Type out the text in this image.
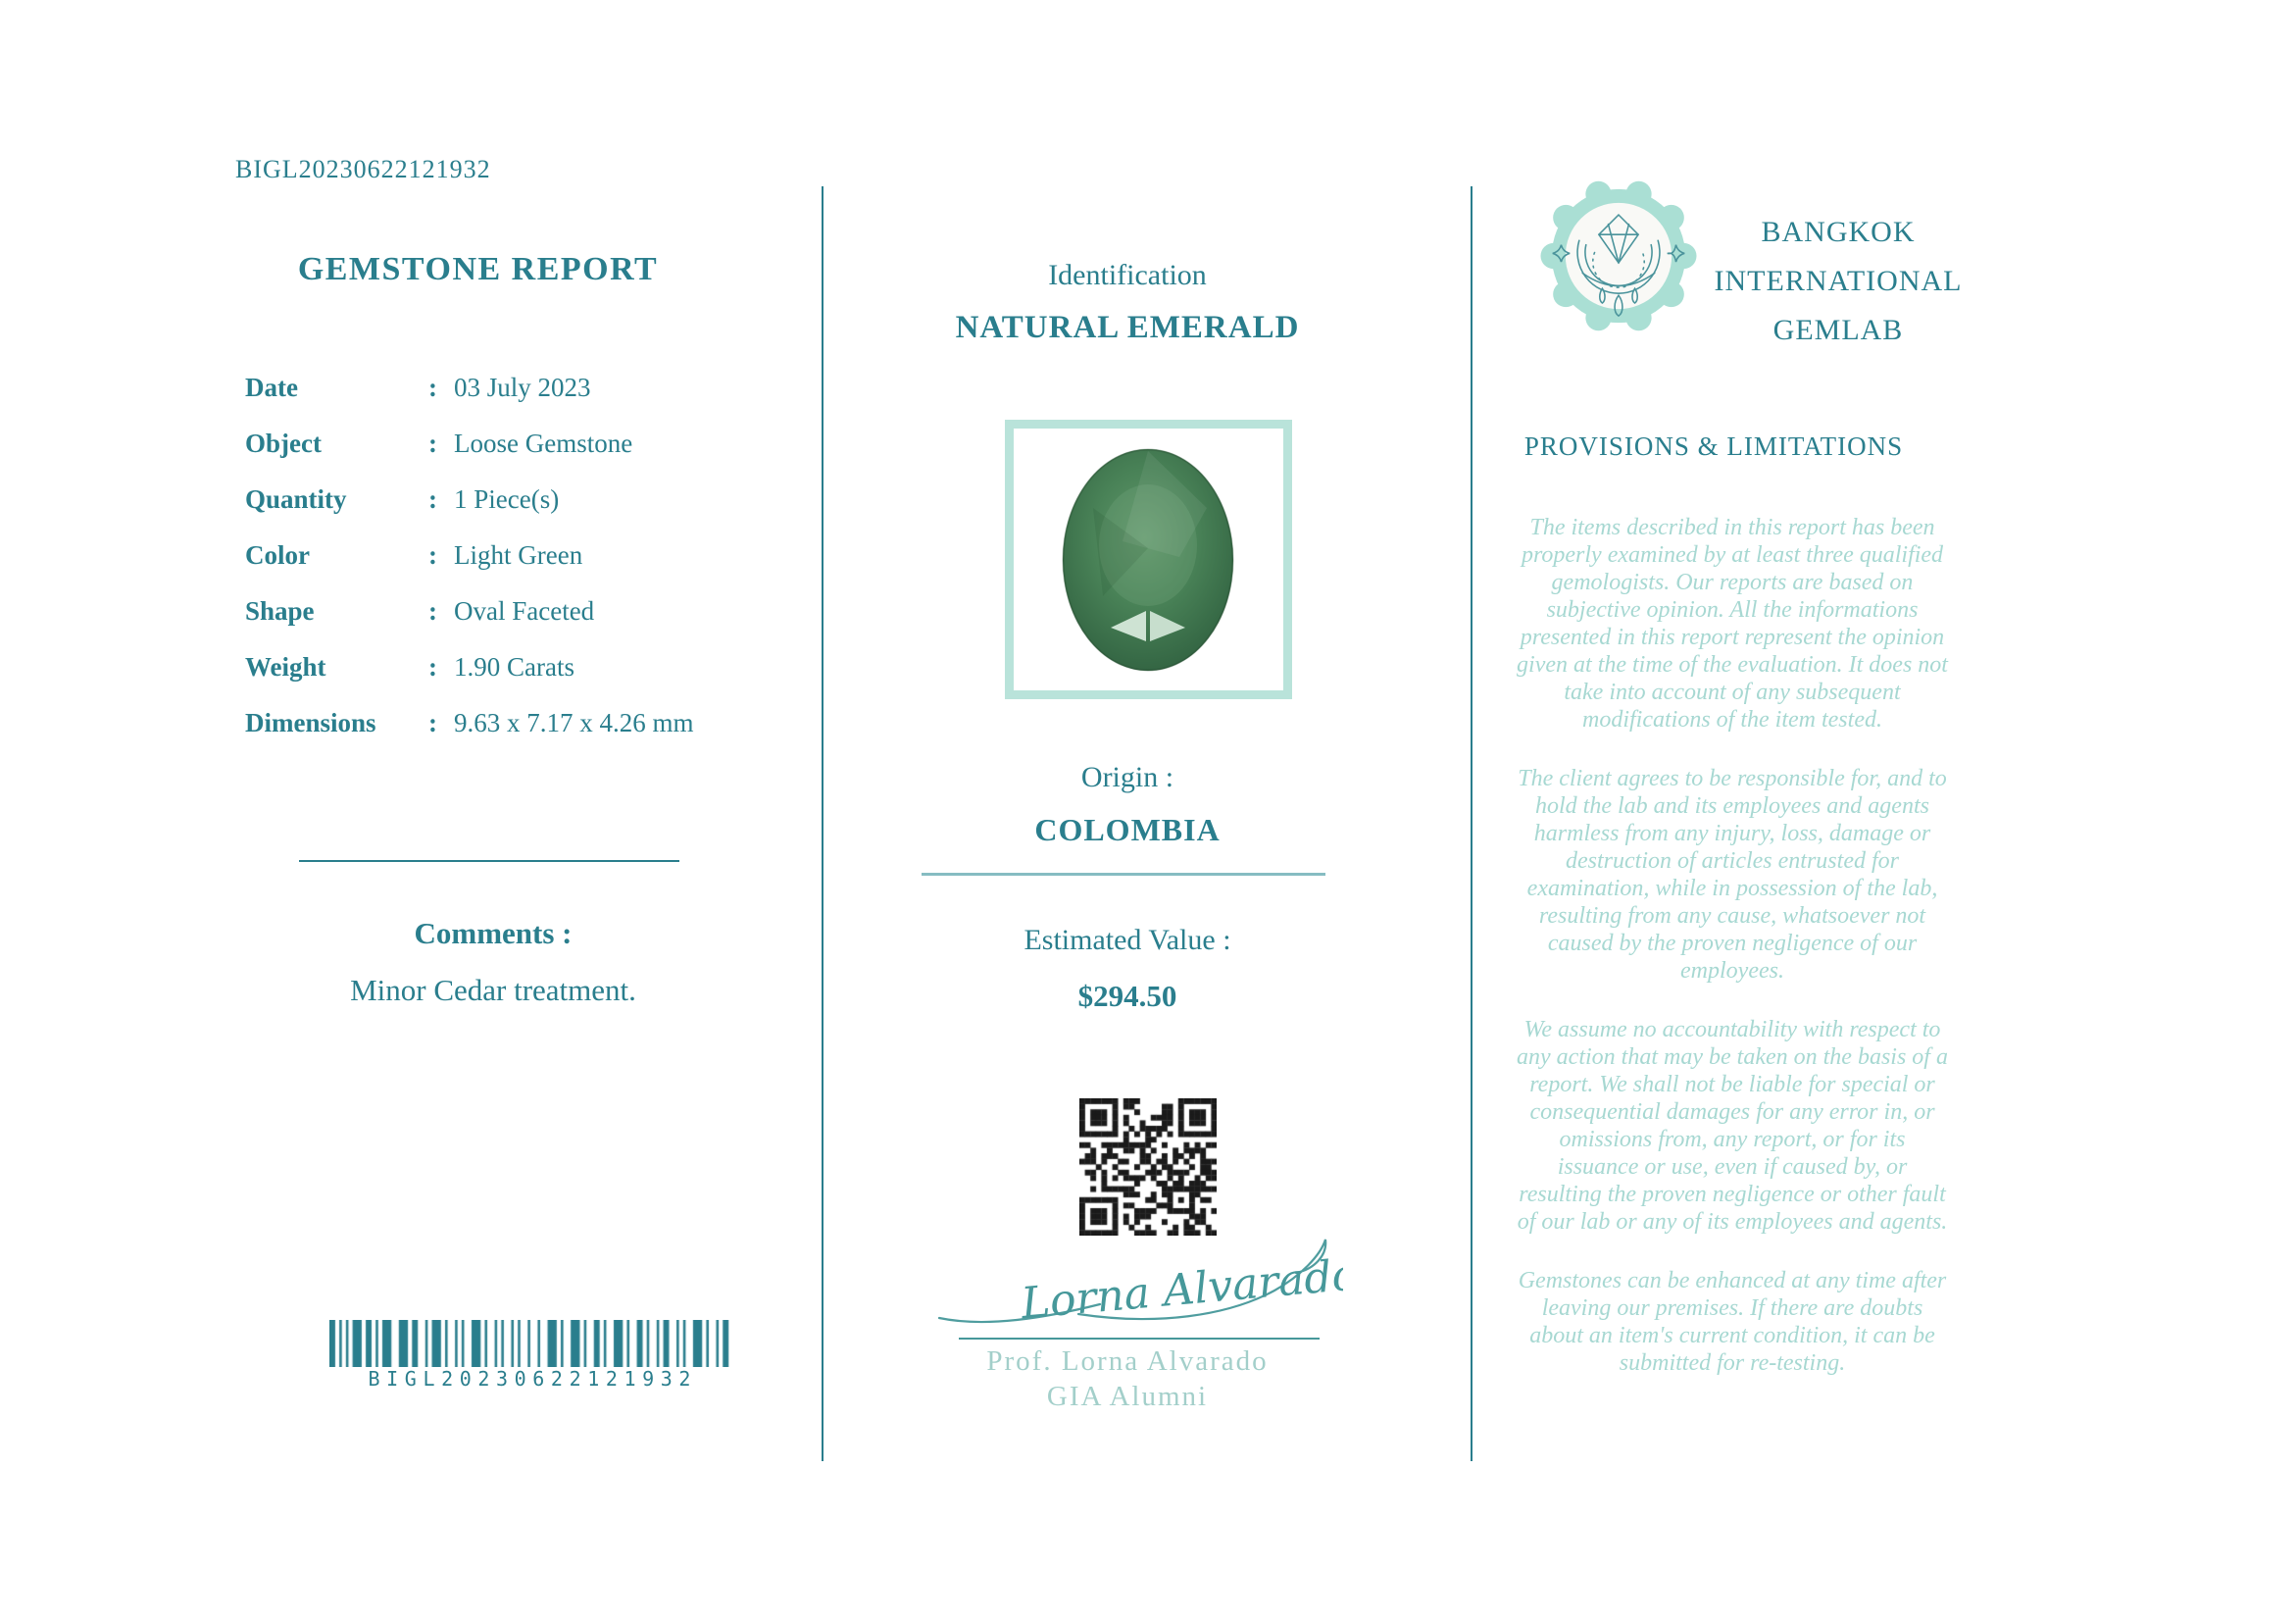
BIGL20230622121932
GEMSTONE REPORT
Date	: 03 July 2023
Object	: Loose Gemstone
Quantity	: 1 Piece(s)
Color	: Light Green
Shape	: Oval Faceted
Weight	: 1.90 Carats
Dimensions	: 9.63 x 7.17 x 4.26 mm
Comments :
Minor Cedar treatment.
BIGL20230622121932
Identification
NATURAL EMERALD
Origin :
COLOMBIA
Estimated Value :
$294.50
Lorna Alvarado
Prof. Lorna Alvarado
GIA Alumni
BANGKOK
INTERNATIONAL
GEMLAB
PROVISIONS & LIMITATIONS

The items described in this report has been properly examined by at least three qualified gemologists. Our reports are based on subjective opinion. All the informations presented in this report represent the opinion given at the time of the evaluation. It does not take into account of any subsequent modifications of the item tested.

The client agrees to be responsible for, and to hold the lab and its employees and agents harmless from any injury, loss, damage or destruction of articles entrusted for examination, while in possession of the lab, resulting from any cause, whatsoever not caused by the proven negligence of our employees.

We assume no accountability with respect to any action that may be taken on the basis of a report. We shall not be liable for special or consequential damages for any error in, or omissions from, any report, or for its issuance or use, even if caused by, or resulting the proven negligence or other fault of our lab or any of its employees and agents.

Gemstones can be enhanced at any time after leaving our premises. If there are doubts about an item's current condition, it can be submitted for re-testing.
